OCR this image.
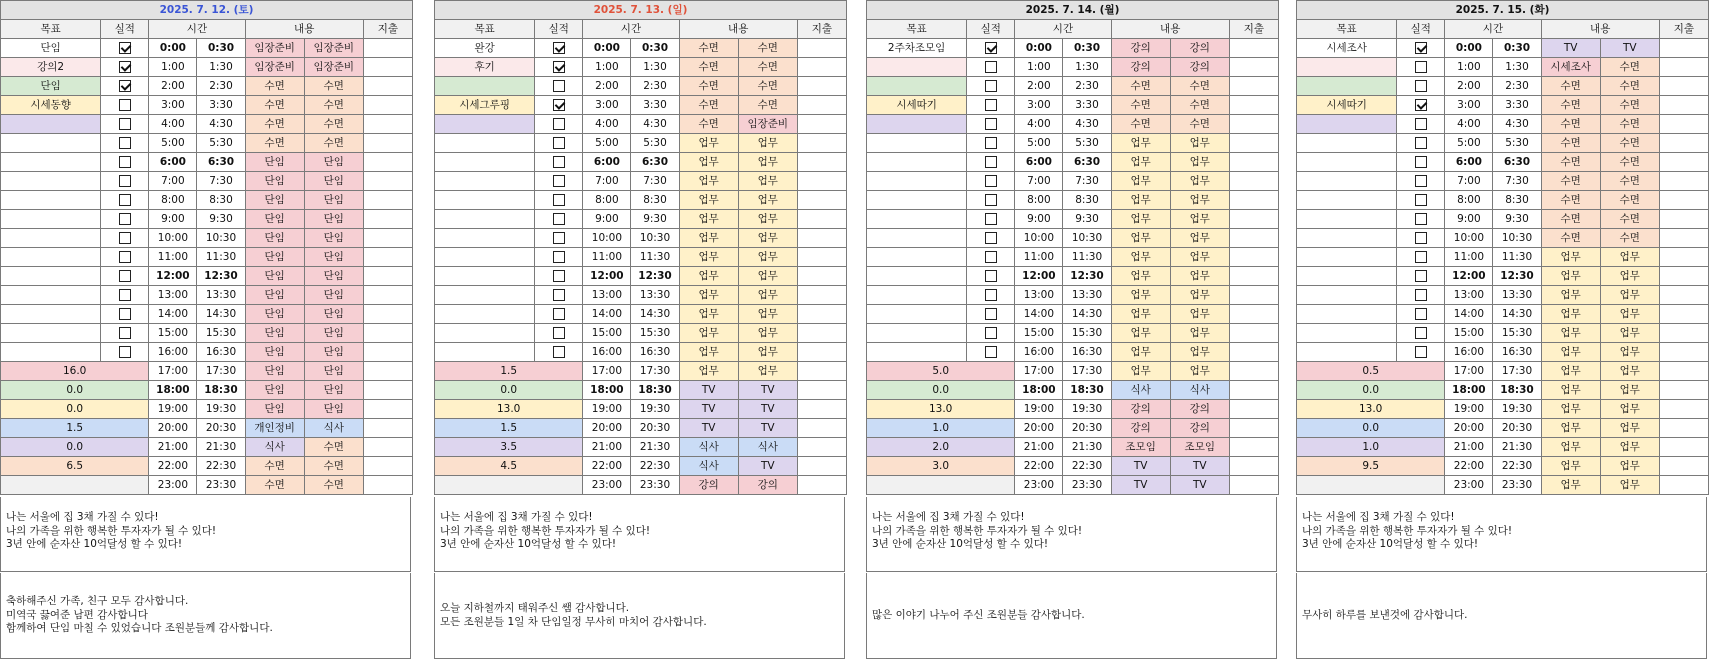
2025. 7. 12. (토)						
목표	실적	시간		내용		지출
단임		0:00	0:30	임장준비	임장준비	
강의2		1:00	1:30	임장준비	임장준비	
단임		2:00	2:30	수면	수면	
시세동향		3:00	3:30	수면	수면	
		4:00	4:30	수면	수면	
		5:00	5:30	수면	수면	
		6:00	6:30	단임	단임	
		7:00	7:30	단임	단임	
		8:00	8:30	단임	단임	
		9:00	9:30	단임	단임	
		10:00	10:30	단임	단임	
		11:00	11:30	단임	단임	
		12:00	12:30	단임	단임	
		13:00	13:30	단임	단임	
		14:00	14:30	단임	단임	
		15:00	15:30	단임	단임	
		16:00	16:30	단임	단임	
16.0		17:00	17:30	단임	단임	
0.0		18:00	18:30	단임	단임	
0.0		19:00	19:30	단임	단임	
1.5		20:00	20:30	개인정비	식사	
0.0		21:00	21:30	식사	수면	
6.5		22:00	22:30	수면	수면	
		23:00	23:30	수면	수면	
나는 서울에 집 3채 가질 수 있다!
나의 가족을 위한 행복한 투자자가 될 수 있다!
3년 안에 순자산 10억달성 할 수 있다!
축하해주신 가족, 친구 모두 감사합니다.
미역국 끓여준 남편 감사합니다
함께하여 단임 마칠 수 있었습니다 조원분들께 감사합니다.
2025. 7. 13. (일)						
목표	실적	시간		내용		지출
완강		0:00	0:30	수면	수면	
후기		1:00	1:30	수면	수면	
		2:00	2:30	수면	수면	
시세그루핑		3:00	3:30	수면	수면	
		4:00	4:30	수면	임장준비	
		5:00	5:30	업무	업무	
		6:00	6:30	업무	업무	
		7:00	7:30	업무	업무	
		8:00	8:30	업무	업무	
		9:00	9:30	업무	업무	
		10:00	10:30	업무	업무	
		11:00	11:30	업무	업무	
		12:00	12:30	업무	업무	
		13:00	13:30	업무	업무	
		14:00	14:30	업무	업무	
		15:00	15:30	업무	업무	
		16:00	16:30	업무	업무	
1.5		17:00	17:30	업무	업무	
0.0		18:00	18:30	TV	TV	
13.0		19:00	19:30	TV	TV	
1.5		20:00	20:30	TV	TV	
3.5		21:00	21:30	식사	식사	
4.5		22:00	22:30	식사	TV	
		23:00	23:30	강의	강의	
나는 서울에 집 3채 가질 수 있다!
나의 가족을 위한 행복한 투자자가 될 수 있다!
3년 안에 순자산 10억달성 할 수 있다!
오늘 지하철까지 태워주신 쌤 감사합니다.
모든 조원분들 1일 차 단임일정 무사히 마치어 감사합니다.
2025. 7. 14. (월)						
목표	실적	시간		내용		지출
2주차조모임		0:00	0:30	강의	강의	
		1:00	1:30	강의	강의	
		2:00	2:30	수면	수면	
시세따기		3:00	3:30	수면	수면	
		4:00	4:30	수면	수면	
		5:00	5:30	업무	업무	
		6:00	6:30	업무	업무	
		7:00	7:30	업무	업무	
		8:00	8:30	업무	업무	
		9:00	9:30	업무	업무	
		10:00	10:30	업무	업무	
		11:00	11:30	업무	업무	
		12:00	12:30	업무	업무	
		13:00	13:30	업무	업무	
		14:00	14:30	업무	업무	
		15:00	15:30	업무	업무	
		16:00	16:30	업무	업무	
5.0		17:00	17:30	업무	업무	
0.0		18:00	18:30	식사	식사	
13.0		19:00	19:30	강의	강의	
1.0		20:00	20:30	강의	강의	
2.0		21:00	21:30	조모임	조모임	
3.0		22:00	22:30	TV	TV	
		23:00	23:30	TV	TV	
나는 서울에 집 3채 가질 수 있다!
나의 가족을 위한 행복한 투자자가 될 수 있다!
3년 안에 순자산 10억달성 할 수 있다!
많은 이야기 나누어 주신 조원분들 감사합니다.
2025. 7. 15. (화)						
목표	실적	시간		내용		지출
시세조사		0:00	0:30	TV	TV	
		1:00	1:30	시세조사	수면	
		2:00	2:30	수면	수면	
시세따기		3:00	3:30	수면	수면	
		4:00	4:30	수면	수면	
		5:00	5:30	수면	수면	
		6:00	6:30	수면	수면	
		7:00	7:30	수면	수면	
		8:00	8:30	수면	수면	
		9:00	9:30	수면	수면	
		10:00	10:30	수면	수면	
		11:00	11:30	업무	업무	
		12:00	12:30	업무	업무	
		13:00	13:30	업무	업무	
		14:00	14:30	업무	업무	
		15:00	15:30	업무	업무	
		16:00	16:30	업무	업무	
0.5		17:00	17:30	업무	업무	
0.0		18:00	18:30	업무	업무	
13.0		19:00	19:30	업무	업무	
0.0		20:00	20:30	업무	업무	
1.0		21:00	21:30	업무	업무	
9.5		22:00	22:30	업무	업무	
		23:00	23:30	업무	업무	
나는 서울에 집 3채 가질 수 있다!
나의 가족을 위한 행복한 투자자가 될 수 있다!
3년 안에 순자산 10억달성 할 수 있다!
무사히 하루를 보낸것에 감사합니다.
